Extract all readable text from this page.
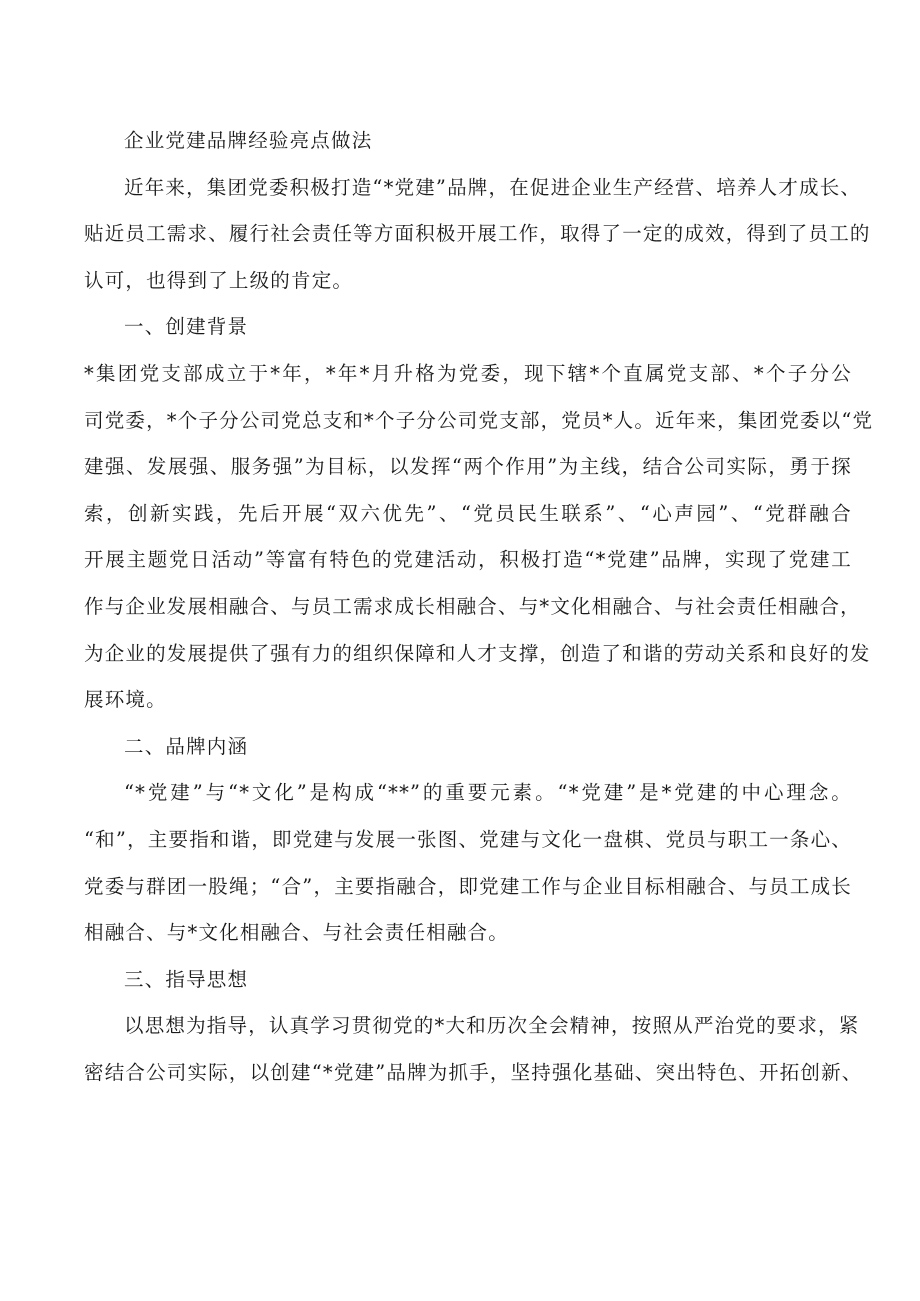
企业党建品牌经验亮点做法
近年来，集团党委积极打造“*党建”品牌，在促进企业生产经营、培养人才成长、
贴近员工需求、履行社会责任等方面积极开展工作，取得了一定的成效，得到了员工的
认可，也得到了上级的肯定。
一、创建背景
*集团党支部成立于*年，*年*月升格为党委，现下辖*个直属党支部、*个子分公
司党委，*个子分公司党总支和*个子分公司党支部，党员*人。近年来，集团党委以“党
建强、发展强、服务强”为目标，以发挥“两个作用”为主线，结合公司实际，勇于探
索，创新实践，先后开展“双六优先”、“党员民生联系”、“心声园”、“党群融合
开展主题党日活动”等富有特色的党建活动，积极打造“*党建”品牌，实现了党建工
作与企业发展相融合、与员工需求成长相融合、与*文化相融合、与社会责任相融合，
为企业的发展提供了强有力的组织保障和人才支撑，创造了和谐的劳动关系和良好的发
展环境。
二、品牌内涵
“*党建”与“*文化”是构成“**”的重要元素。“*党建”是*党建的中心理念。
“和”，主要指和谐，即党建与发展一张图、党建与文化一盘棋、党员与职工一条心、
党委与群团一股绳；“合”，主要指融合，即党建工作与企业目标相融合、与员工成长
相融合、与*文化相融合、与社会责任相融合。
三、指导思想
以思想为指导，认真学习贯彻党的*大和历次全会精神，按照从严治党的要求，紧
密结合公司实际，以创建“*党建”品牌为抓手，坚持强化基础、突出特色、开拓创新、
